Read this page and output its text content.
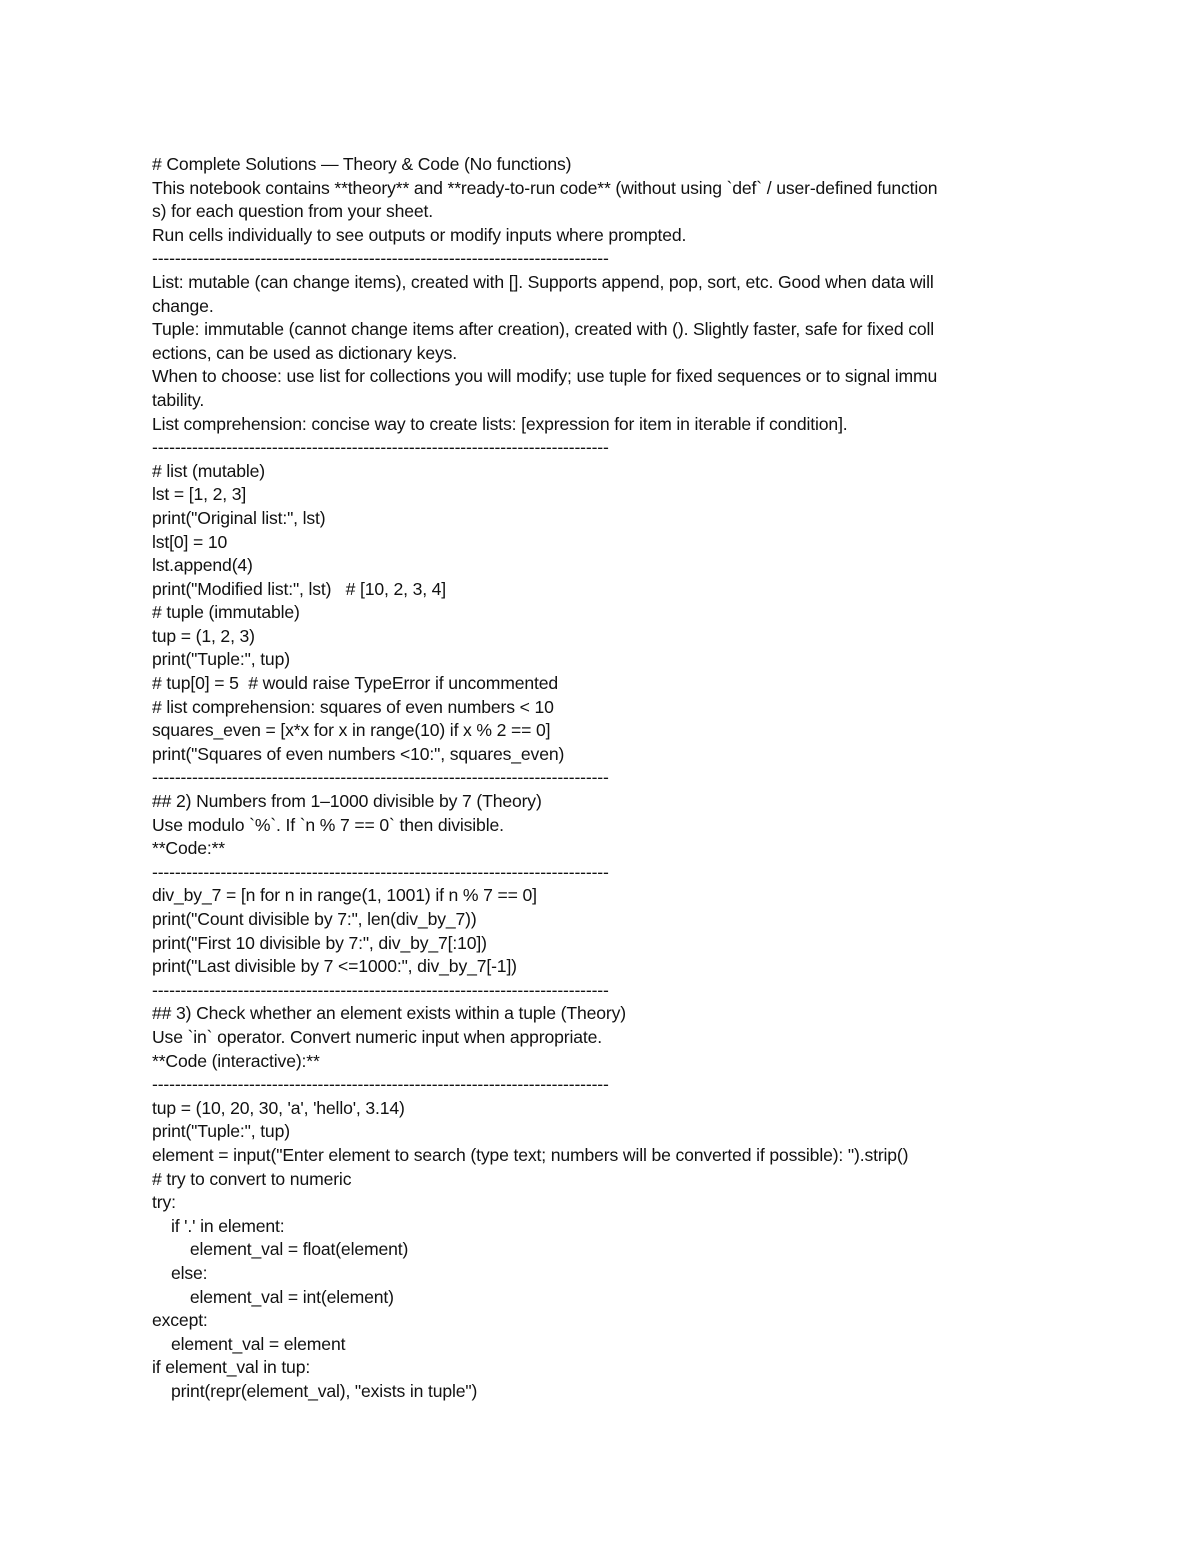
# Complete Solutions — Theory & Code (No functions)
This notebook contains **theory** and **ready-to-run code** (without using `def` / user-defined function
s) for each question from your sheet.
Run cells individually to see outputs or modify inputs where prompted.
--------------------------------------------------------------------------------
List: mutable (can change items), created with []. Supports append, pop, sort, etc. Good when data will
change.
Tuple: immutable (cannot change items after creation), created with (). Slightly faster, safe for fixed coll
ections, can be used as dictionary keys.
When to choose: use list for collections you will modify; use tuple for fixed sequences or to signal immu
tability.
List comprehension: concise way to create lists: [expression for item in iterable if condition].
--------------------------------------------------------------------------------
# list (mutable)
lst = [1, 2, 3]
print("Original list:", lst)
lst[0] = 10
lst.append(4)
print("Modified list:", lst)   # [10, 2, 3, 4]
# tuple (immutable)
tup = (1, 2, 3)
print("Tuple:", tup)
# tup[0] = 5  # would raise TypeError if uncommented
# list comprehension: squares of even numbers < 10
squares_even = [x*x for x in range(10) if x % 2 == 0]
print("Squares of even numbers <10:", squares_even)
--------------------------------------------------------------------------------
## 2) Numbers from 1–1000 divisible by 7 (Theory)
Use modulo `%`. If `n % 7 == 0` then divisible.
**Code:**
--------------------------------------------------------------------------------
div_by_7 = [n for n in range(1, 1001) if n % 7 == 0]
print("Count divisible by 7:", len(div_by_7))
print("First 10 divisible by 7:", div_by_7[:10])
print("Last divisible by 7 <=1000:", div_by_7[-1])
--------------------------------------------------------------------------------
## 3) Check whether an element exists within a tuple (Theory)
Use `in` operator. Convert numeric input when appropriate.
**Code (interactive):**
--------------------------------------------------------------------------------
tup = (10, 20, 30, 'a', 'hello', 3.14)
print("Tuple:", tup)
element = input("Enter element to search (type text; numbers will be converted if possible): ").strip()
# try to convert to numeric
try:
if '.' in element:
element_val = float(element)
else:
element_val = int(element)
except:
element_val = element
if element_val in tup:
print(repr(element_val), "exists in tuple")
